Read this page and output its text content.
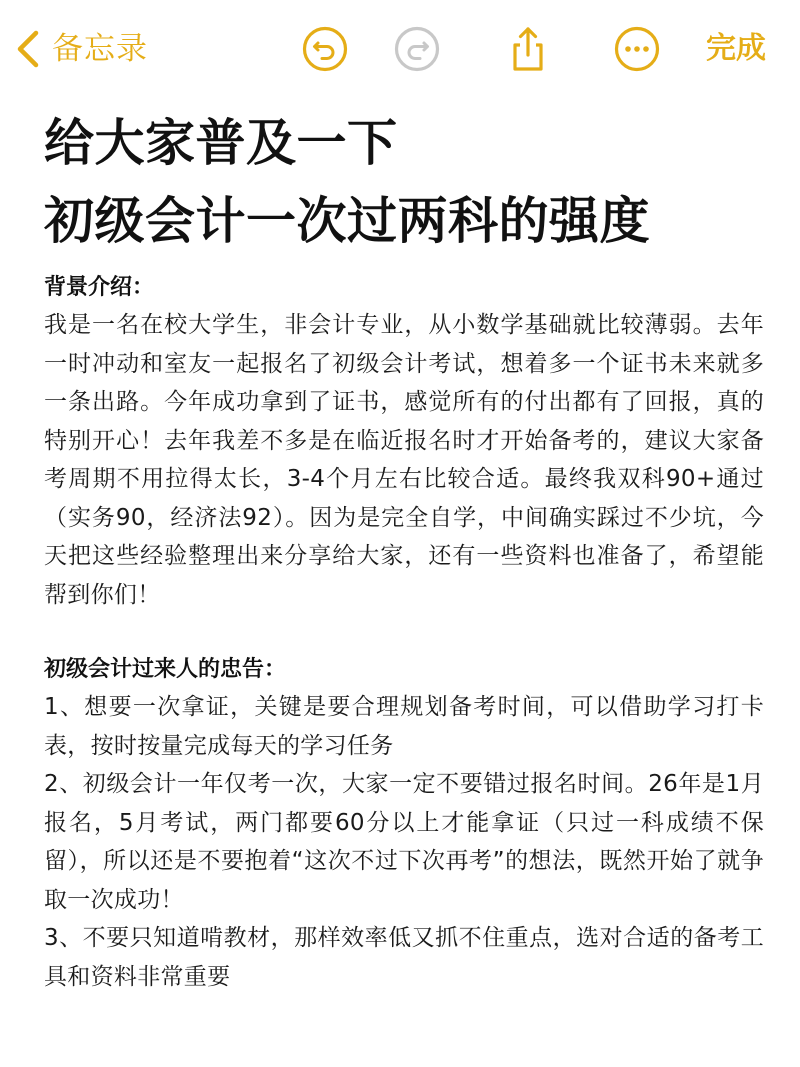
备忘录	完成
给大家普及一下
初级会计一次过两科的强度

背景介绍：

我是一名在校大学生，非会计专业，从小数学基础就比较薄弱。去年一时冲动和室友一起报名了初级会计考试，想着多一个证书未来就多一条出路。今年成功拿到了证书，感觉所有的付出都有了回报，真的特别开心！去年我差不多是在临近报名时才开始备考的，建议大家备考周期不用拉得太长，3-4个月左右比较合适。最终我双科90+通过（实务90，经济法92）。因为是完全自学，中间确实踩过不少坑，今天把这些经验整理出来分享给大家，还有一些资料也准备了，希望能帮到你们！

初级会计过来人的忠告：

1、想要一次拿证，关键是要合理规划备考时间，可以借助学习打卡表，按时按量完成每天的学习任务

2、初级会计一年仅考一次，大家一定不要错过报名时间。26年是1月报名，5月考试，两门都要60分以上才能拿证（只过一科成绩不保留），所以还是不要抱着“这次不过下次再考”的想法，既然开始了就争取一次成功！

3、不要只知道啃教材，那样效率低又抓不住重点，选对合适的备考工具和资料非常重要
